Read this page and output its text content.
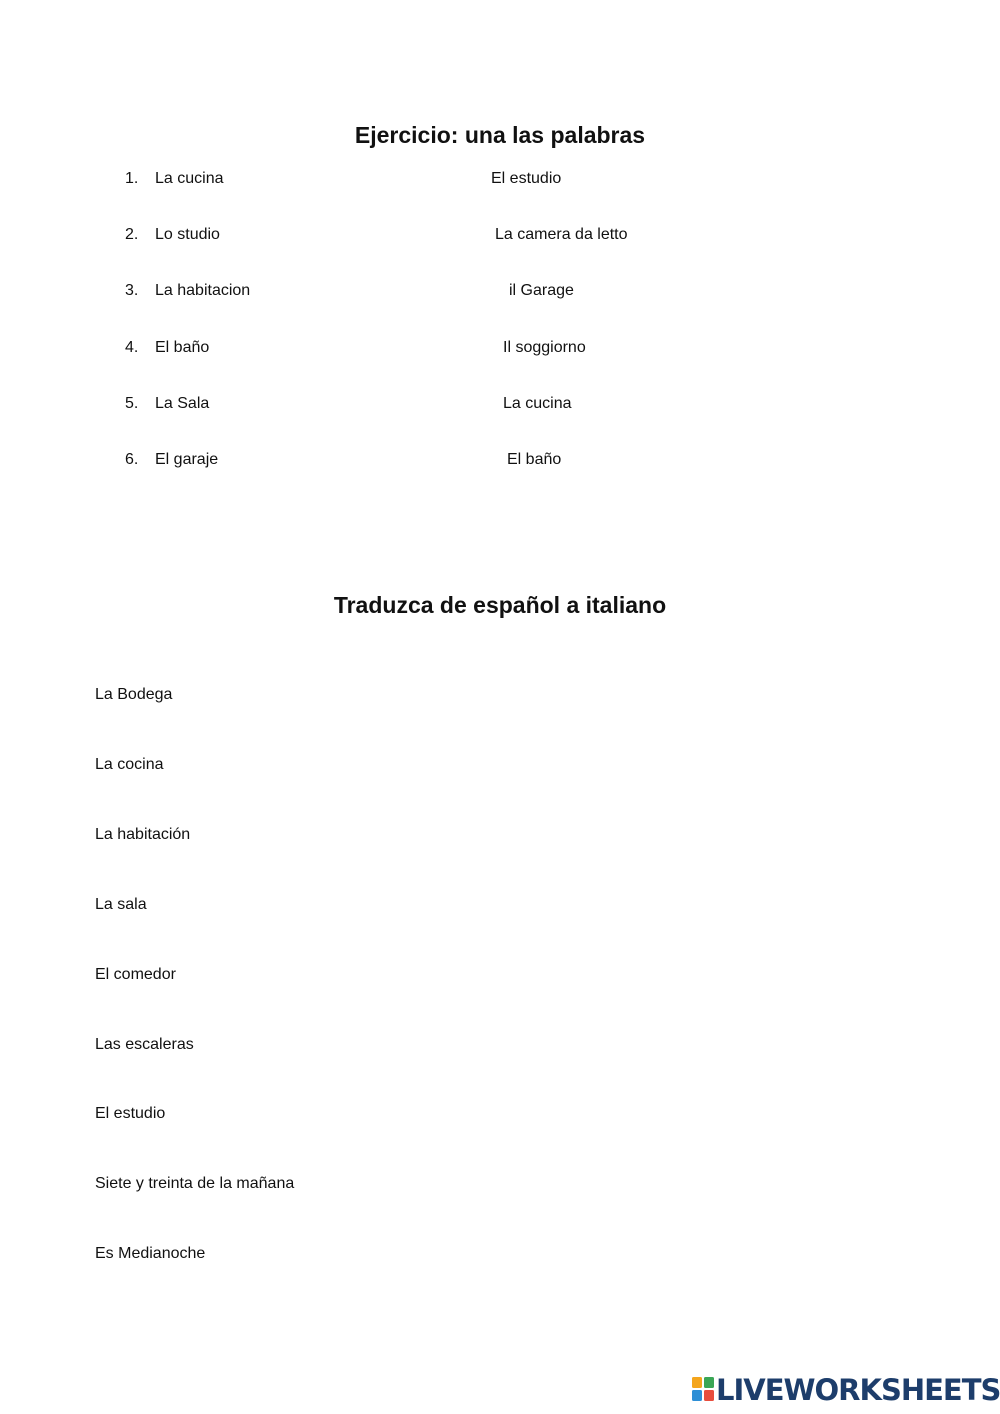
Ejercicio: una las palabras
1. La cucina	El estudio
2. Lo studio	La camera da letto
3. La habitacion	il Garage
4. El baño	Il soggiorno
5. La Sala	La cucina
6. El garaje	El baño
Traduzca de español a italiano
La Bodega
La cocina
La habitación
La sala
El comedor
Las escaleras
El estudio
Siete y treinta de la mañana
Es Medianoche
LIVEWORKSHEETS
